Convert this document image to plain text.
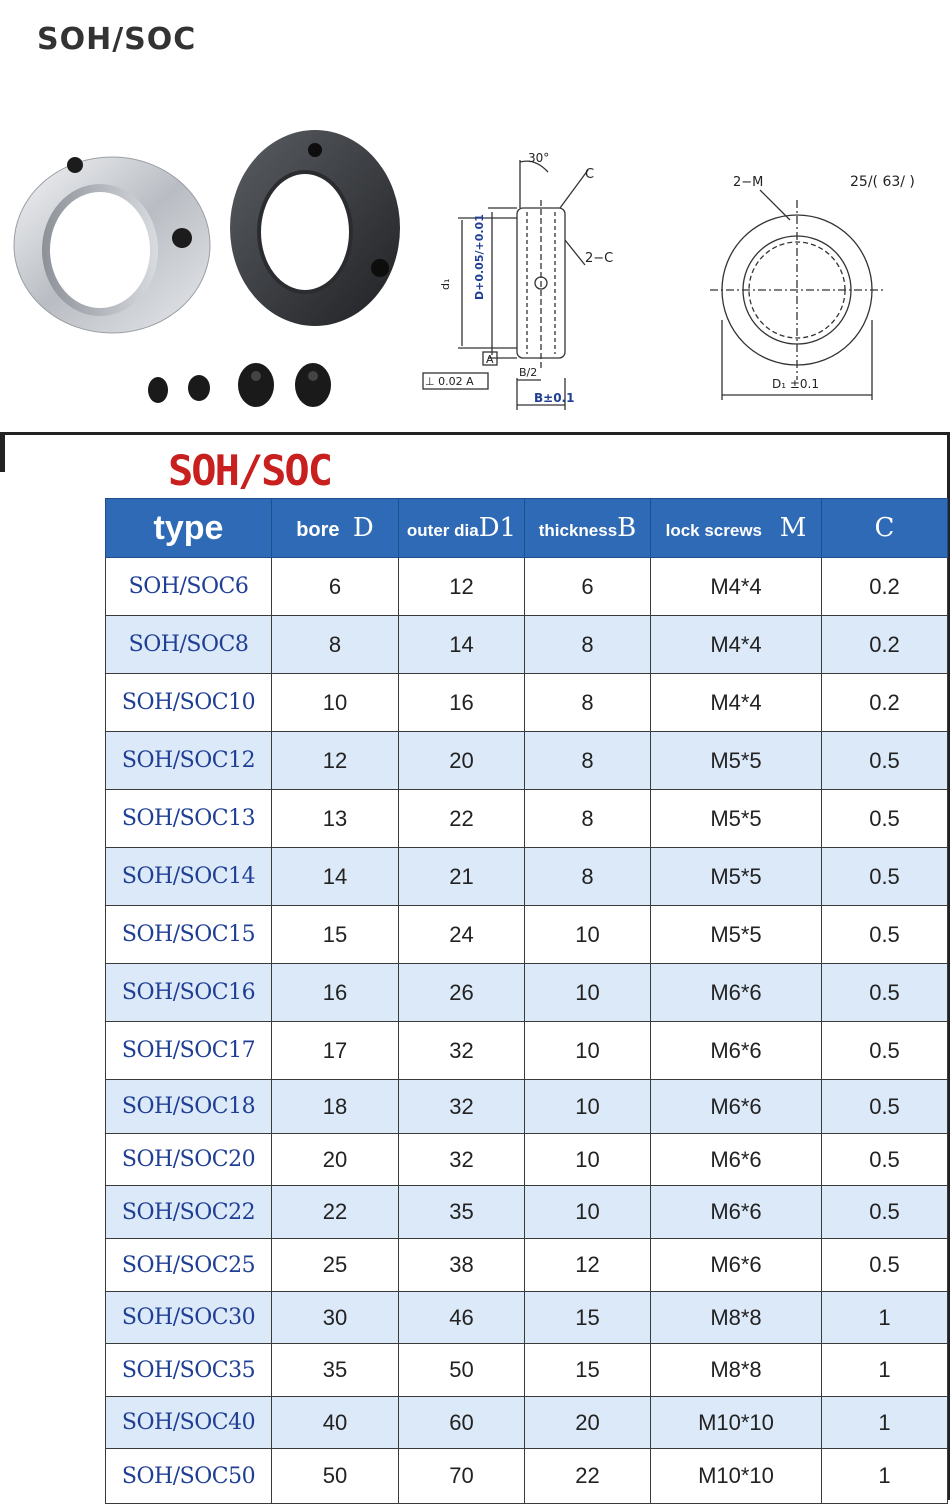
SOH/SOC
30°
C
2−C
d₁ D+0.05/+0.01
A
⊥ 0.02 A
B/2
B±0.1
2−M	25/( 63/ )
D₁ ±0.1
SOH/SOC
type	bore D	outer diaD1	thicknessB	lock screws M	C
SOH/SOC6	6	12	6	M4*4	0.2
SOH/SOC8	8	14	8	M4*4	0.2
SOH/SOC10	10	16	8	M4*4	0.2
SOH/SOC12	12	20	8	M5*5	0.5
SOH/SOC13	13	22	8	M5*5	0.5
SOH/SOC14	14	21	8	M5*5	0.5
SOH/SOC15	15	24	10	M5*5	0.5
SOH/SOC16	16	26	10	M6*6	0.5
SOH/SOC17	17	32	10	M6*6	0.5
SOH/SOC18	18	32	10	M6*6	0.5
SOH/SOC20	20	32	10	M6*6	0.5
SOH/SOC22	22	35	10	M6*6	0.5
SOH/SOC25	25	38	12	M6*6	0.5
SOH/SOC30	30	46	15	M8*8	1
SOH/SOC35	35	50	15	M8*8	1
SOH/SOC40	40	60	20	M10*10	1
SOH/SOC50	50	70	22	M10*10	1
